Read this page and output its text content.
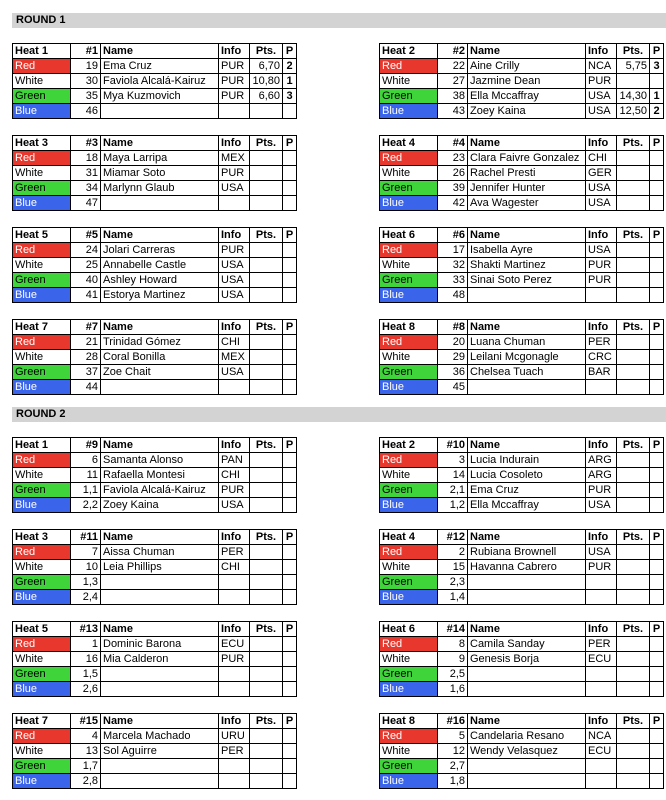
ROUND 1
Heat 1	#1	Name	Info	Pts.	P
Red	19	Ema Cruz	PUR	6,70	2
White	30	Faviola Alcalá-Kairuz	PUR	10,80	1
Green	35	Mya Kuzmovich	PUR	6,60	3
Blue	46				
Heat 2	#2	Name	Info	Pts.	P
Red	22	Aine Crilly	NCA	5,75	3
White	27	Jazmine Dean	PUR		
Green	38	Ella Mccaffray	USA	14,30	1
Blue	43	Zoey Kaina	USA	12,50	2
Heat 3	#3	Name	Info	Pts.	P
Red	18	Maya Larripa	MEX		
White	31	Miamar Soto	PUR		
Green	34	Marlynn Glaub	USA		
Blue	47				
Heat 4	#4	Name	Info	Pts.	P
Red	23	Clara Faivre Gonzalez	CHI		
White	26	Rachel Presti	GER		
Green	39	Jennifer Hunter	USA		
Blue	42	Ava Wagester	USA		
Heat 5	#5	Name	Info	Pts.	P
Red	24	Jolari Carreras	PUR		
White	25	Annabelle Castle	USA		
Green	40	Ashley Howard	USA		
Blue	41	Estorya Martinez	USA		
Heat 6	#6	Name	Info	Pts.	P
Red	17	Isabella Ayre	USA		
White	32	Shakti Martinez	PUR		
Green	33	Sinai Soto Perez	PUR		
Blue	48				
Heat 7	#7	Name	Info	Pts.	P
Red	21	Trinidad Gómez	CHI		
White	28	Coral Bonilla	MEX		
Green	37	Zoe Chait	USA		
Blue	44				
Heat 8	#8	Name	Info	Pts.	P
Red	20	Luana Chuman	PER		
White	29	Leilani Mcgonagle	CRC		
Green	36	Chelsea Tuach	BAR		
Blue	45				
ROUND 2
Heat 1	#9	Name	Info	Pts.	P
Red	6	Samanta Alonso	PAN		
White	11	Rafaella Montesi	CHI		
Green	1,1	Faviola Alcalá-Kairuz	PUR		
Blue	2,2	Zoey Kaina	USA		
Heat 2	#10	Name	Info	Pts.	P
Red	3	Lucia Indurain	ARG		
White	14	Lucia Cosoleto	ARG		
Green	2,1	Ema Cruz	PUR		
Blue	1,2	Ella Mccaffray	USA		
Heat 3	#11	Name	Info	Pts.	P
Red	7	Aissa Chuman	PER		
White	10	Leia Phillips	CHI		
Green	1,3				
Blue	2,4				
Heat 4	#12	Name	Info	Pts.	P
Red	2	Rubiana Brownell	USA		
White	15	Havanna Cabrero	PUR		
Green	2,3				
Blue	1,4				
Heat 5	#13	Name	Info	Pts.	P
Red	1	Dominic Barona	ECU		
White	16	Mia Calderon	PUR		
Green	1,5				
Blue	2,6				
Heat 6	#14	Name	Info	Pts.	P
Red	8	Camila Sanday	PER		
White	9	Genesis Borja	ECU		
Green	2,5				
Blue	1,6				
Heat 7	#15	Name	Info	Pts.	P
Red	4	Marcela Machado	URU		
White	13	Sol Aguirre	PER		
Green	1,7				
Blue	2,8				
Heat 8	#16	Name	Info	Pts.	P
Red	5	Candelaria Resano	NCA		
White	12	Wendy Velasquez	ECU		
Green	2,7				
Blue	1,8				
